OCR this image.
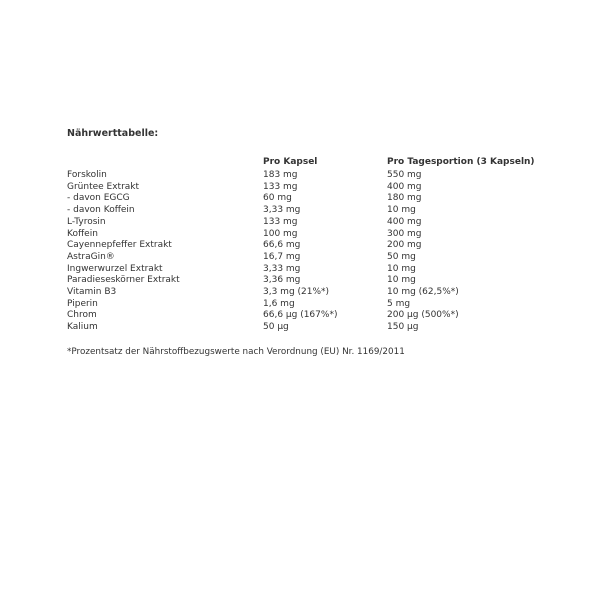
Nährwerttabelle:

	Pro Kapsel	Pro Tagesportion (3 Kapseln)
Forskolin	183 mg	550 mg
Grüntee Extrakt	133 mg	400 mg
- davon EGCG	60 mg	180 mg
- davon Koffein	3,33 mg	10 mg
L-Tyrosin	133 mg	400 mg
Koffein	100 mg	300 mg
Cayennepfeffer Extrakt	66,6 mg	200 mg
AstraGin®	16,7 mg	50 mg
Ingwerwurzel Extrakt	3,33 mg	10 mg
Paradieseskörner Extrakt	3,36 mg	10 mg
Vitamin B3	3,3 mg (21%*)	10 mg (62,5%*)
Piperin	1,6 mg	5 mg
Chrom	66,6 µg (167%*)	200 µg (500%*)
Kalium	50 µg	150 µg

*Prozentsatz der Nährstoffbezugswerte nach Verordnung (EU) Nr. 1169/2011
